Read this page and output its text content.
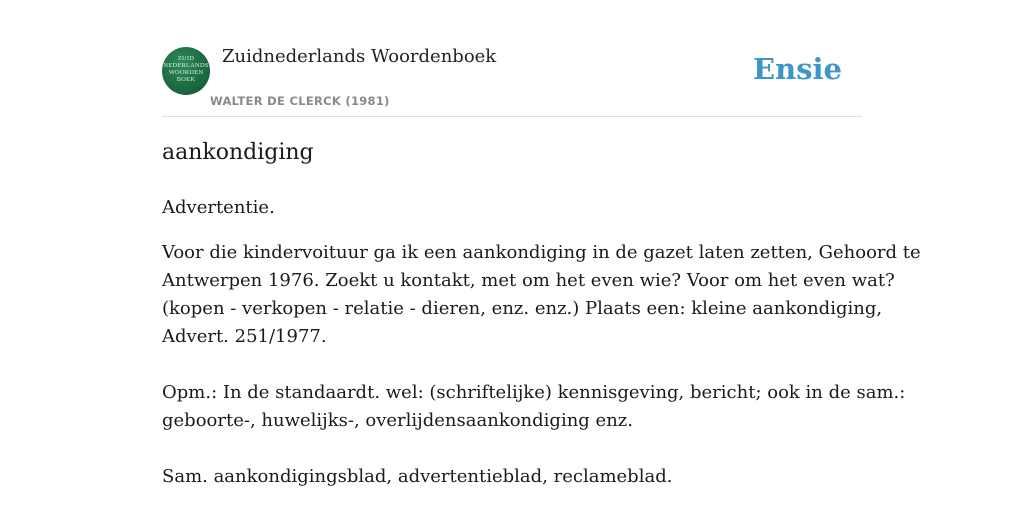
ZUID
NEDERLANDS
WOORDEN
BOEK
Zuidnederlands Woordenboek
WALTER DE CLERCK (1981)
Ensie
aankondiging
Advertentie.
Voor die kindervoituur ga ik een aankondiging in de gazet laten zetten, Gehoord te
Antwerpen 1976. Zoekt u kontakt, met om het even wie? Voor om het even wat?
(kopen - verkopen - relatie - dieren, enz. enz.) Plaats een: kleine aankondiging,
Advert. 251/1977.
Opm.: In de standaardt. wel: (schriftelijke) kennisgeving, bericht; ook in de sam.:
geboorte-, huwelijks-, overlijdensaankondiging enz.
Sam. aankondigingsblad, advertentieblad, reclameblad.
